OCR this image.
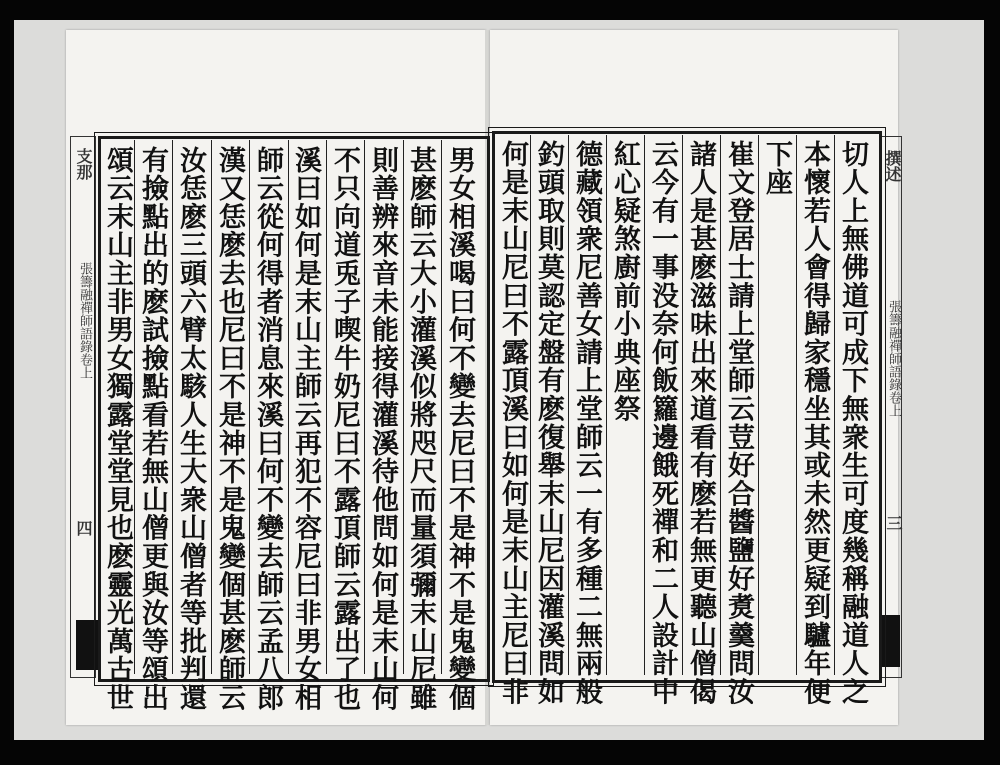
支那
張籌融禪師語錄卷上
四
撰述
張籌融禪師語錄卷上
三
男女相溪喝曰何不變去尼曰不是神不是鬼變個
甚麽師云大小灌溪似將咫尺而量須彌末山尼雖
則善辨來音未能接得灌溪待他問如何是末山何
不只向道兎子喫牛奶尼曰不露頂師云露出了也
溪曰如何是末山主師云再犯不容尼曰非男女相
師云從何得者消息來溪曰何不變去師云孟八郎
漢又恁麽去也尼曰不是神不是鬼變個甚麽師云
汝恁麽三頭六臂太駭人生大衆山僧者等批判還
有撿點出的麽試撿點看若無山僧更與汝等頌出
頌云末山主非男女獨露堂堂見也麽靈光萬古世	切人上無佛道可成下無衆生可度幾稱融道人之
本懷若人會得歸家穩坐其或未然更疑到驢年便
下座
崔文登居士請上堂師云荳好合醬鹽好煑羹問汝
諸人是甚麽滋味出來道看有麽若無更聽山僧偈
云今有一事没奈何飯籮邊餓死禪和二人設計中
紅心疑煞廚前小典座祭
德藏領衆尼善女請上堂師云一有多種二無兩般
釣頭取則莫認定盤有麽復舉末山尼因灌溪問如
何是末山尼曰不露頂溪曰如何是末山主尼曰非
